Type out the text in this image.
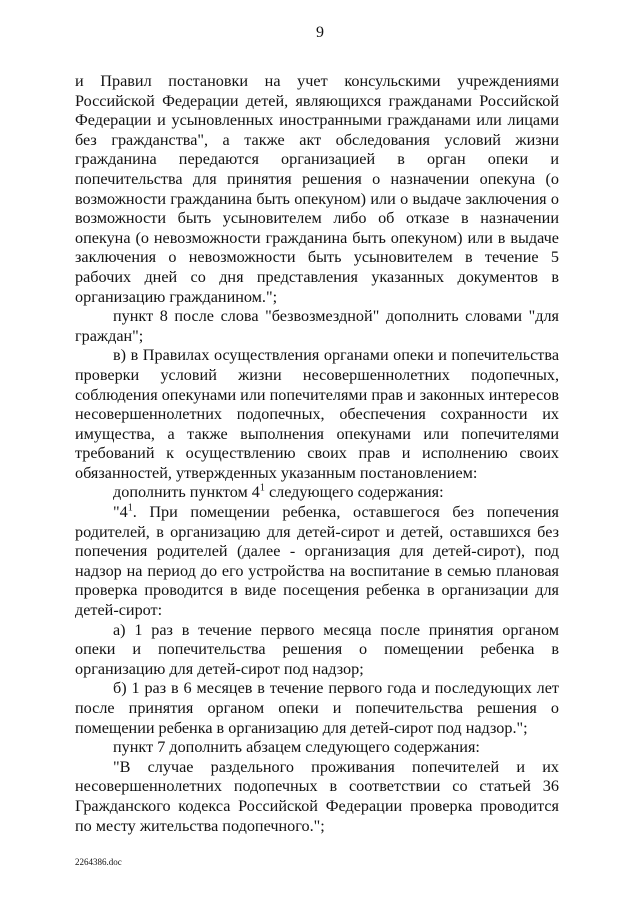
9

и Правил постановки на учет консульскими учреждениями Российской Федерации детей, являющихся гражданами Российской Федерации и усыновленных иностранными гражданами или лицами без гражданства", а также акт обследования условий жизни гражданина передаются организацией в орган опеки и попечительства для принятия решения о назначении опекуна (о возможности гражданина быть опекуном) или о выдаче заключения о возможности быть усыновителем либо об отказе в назначении опекуна (о невозможности гражданина быть опекуном) или в выдаче заключения о невозможности быть усыновителем в течение 5 рабочих дней со дня представления указанных документов в организацию гражданином.";

пункт 8 после слова "безвозмездной" дополнить словами "для граждан";

в) в Правилах осуществления органами опеки и попечительства проверки условий жизни несовершеннолетних подопечных, соблюдения опекунами или попечителями прав и законных интересов несовершеннолетних подопечных, обеспечения сохранности их имущества, а также выполнения опекунами или попечителями требований к осуществлению своих прав и исполнению своих обязанностей, утвержденных указанным постановлением:

дополнить пунктом $4^1$ следующего содержания:

"$4^1$. При помещении ребенка, оставшегося без попечения родителей, в организацию для детей-сирот и детей, оставшихся без попечения родителей (далее - организация для детей-сирот), под надзор на период до его устройства на воспитание в семью плановая проверка проводится в виде посещения ребенка в организации для детей-сирот:

а) 1 раз в течение первого месяца после принятия органом опеки и попечительства решения о помещении ребенка в организацию для детей-сирот под надзор;

б) 1 раз в 6 месяцев в течение первого года и последующих лет после принятия органом опеки и попечительства решения о помещении ребенка в организацию для детей-сирот под надзор.";

пункт 7 дополнить абзацем следующего содержания:

"В случае раздельного проживания попечителей и их несовершеннолетних подопечных в соответствии со статьей 36 Гражданского кодекса Российской Федерации проверка проводится по месту жительства подопечного.";

2264386.doc
